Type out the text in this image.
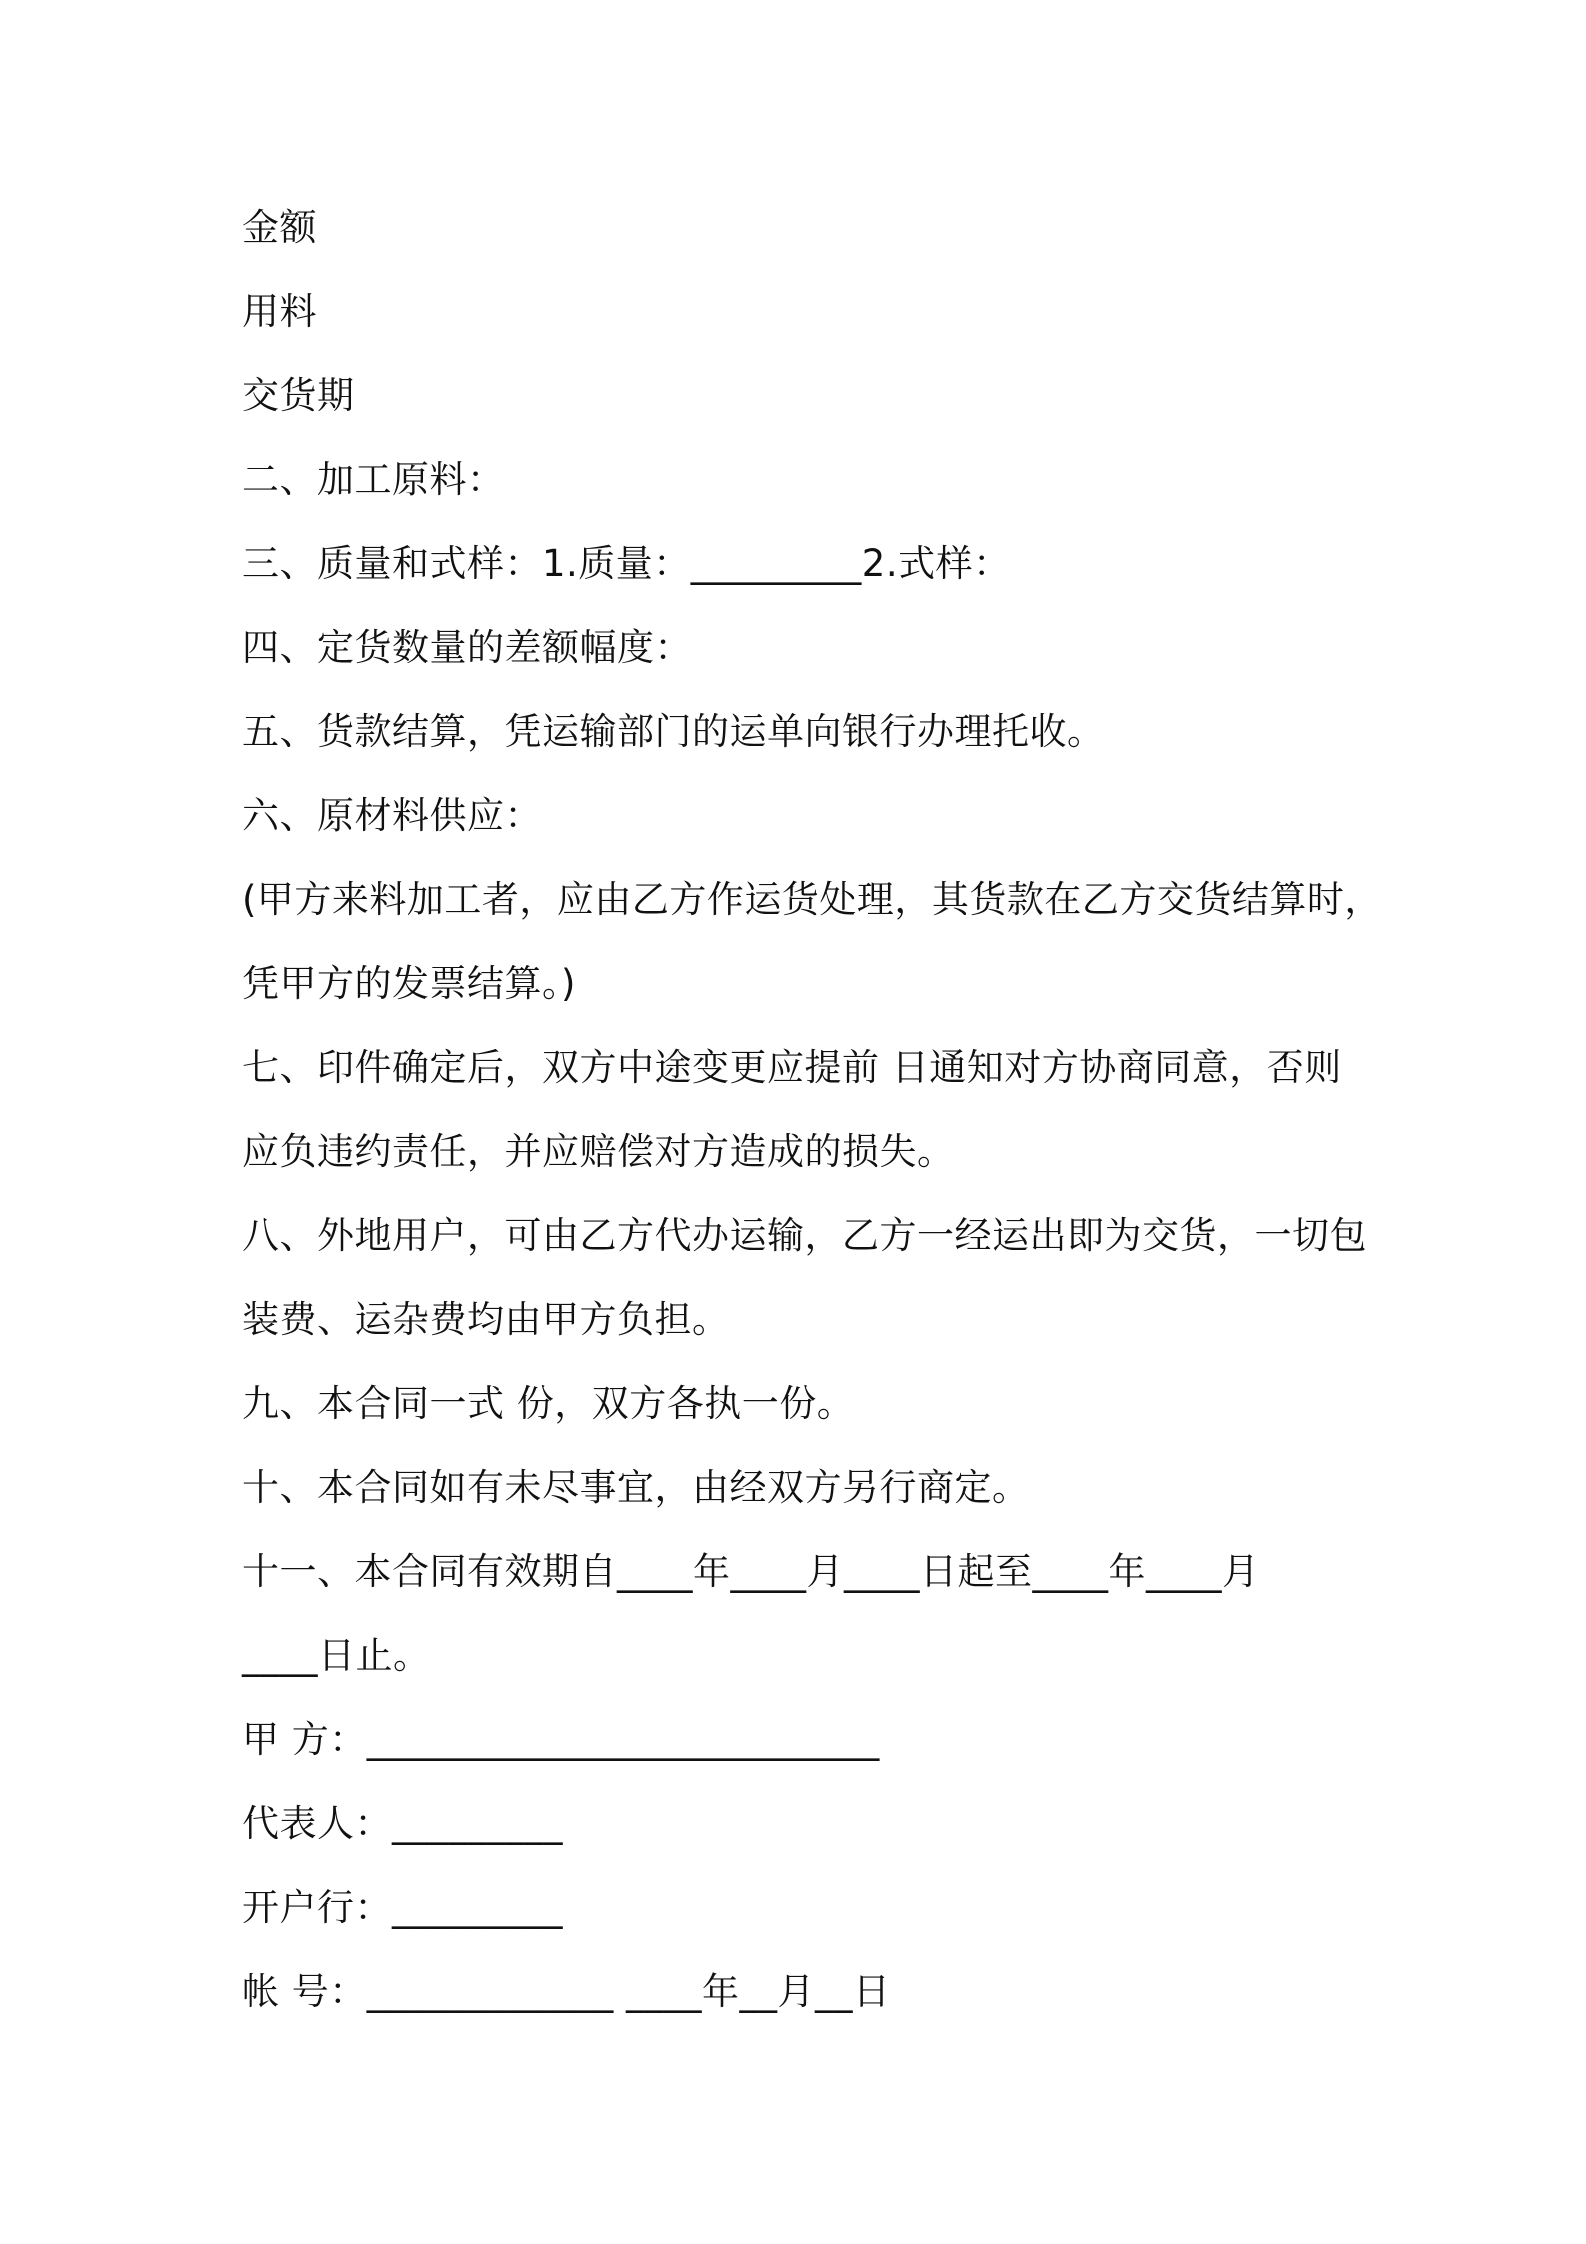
金额
用料
交货期
二、加工原料：
三、质量和式样：1.质量：_________2.式样：
四、定货数量的差额幅度：
五、货款结算，凭运输部门的运单向银行办理托收。
六、原材料供应：
(甲方来料加工者，应由乙方作运货处理，其货款在乙方交货结算时，
凭甲方的发票结算。)
七、印件确定后，双方中途变更应提前 日通知对方协商同意，否则
应负违约责任，并应赔偿对方造成的损失。
八、外地用户，可由乙方代办运输，乙方一经运出即为交货，一切包
装费、运杂费均由甲方负担。
九、本合同一式 份，双方各执一份。
十、本合同如有未尽事宜，由经双方另行商定。
十一、本合同有效期自____年____月____日起至____年____月
____日止。
甲 方：___________________________
代表人：_________
开户行：_________
帐 号：_____________ ____年__月__日
